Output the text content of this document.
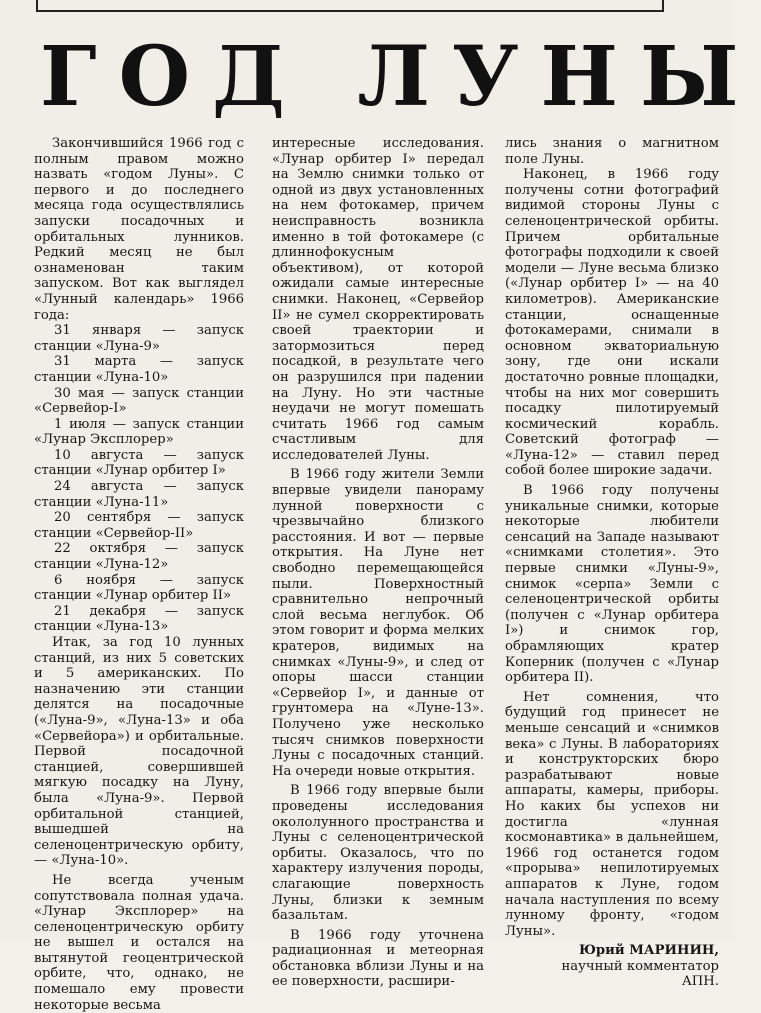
ГОД ЛУНЫ

Закончившийся 1966 год с полным правом можно назвать «годом Луны». С первого и до последнего месяца года осуществлялись запуски посадочных и орбитальных лунников. Редкий месяц не был ознаменован таким запуском. Вот как выглядел «Лунный календарь» 1966 года:

31 января — запуск станции «Луна-9»

31 марта — запуск станции «Луна-10»

30 мая — запуск станции «Сервейор-I»

1 июля — запуск станции «Лунар Эксплорер»

10 августа — запуск станции «Лунар орбитер I»

24 августа — запуск станции «Луна-11»

20 сентября — запуск станции «Сервейор-II»

22 октября — запуск станции «Луна-12»

6 ноября — запуск станции «Лунар орбитер II»

21 декабря — запуск станции «Луна-13»

Итак, за год 10 лунных станций, из них 5 советских и 5 американских. По назначению эти станции делятся на посадочные («Луна-9», «Луна-13» и оба «Сервейора») и орбитальные. Первой посадочной станцией, совершившей мягкую посадку на Луну, была «Луна-9». Первой орбитальной станцией, вышедшей на селеноцентрическую орбиту, — «Луна-10».

Не всегда ученым сопутствовала полная удача. «Лунар Эксплорер» на селеноцентрическую орбиту не вышел и остался на вытянутой геоцентрической орбите, что, однако, не помешало ему провести некоторые весьма

интересные исследования. «Лунар орбитер I» передал на Землю снимки только от одной из двух установленных на нем фотокамер, причем неисправность возникла именно в той фотокамере (с длиннофокусным объективом), от которой ожидали самые интересные снимки. Наконец, «Сервейор II» не сумел скорректировать своей траектории и затормозиться перед посадкой, в результате чего он разрушился при падении на Луну. Но эти частные неудачи не могут помешать считать 1966 год самым счастливым для исследователей Луны.

В 1966 году жители Земли впервые увидели панораму лунной поверхности с чрезвычайно близкого расстояния. И вот — первые открытия. На Луне нет свободно перемещающейся пыли. Поверхностный сравнительно непрочный слой весьма неглубок. Об этом говорит и форма мелких кратеров, видимых на снимках «Луны-9», и след от опоры шасси станции «Сервейор I», и данные от грунтомера на «Луне-13». Получено уже несколько тысяч снимков поверхности Луны с посадочных станций. На очереди новые открытия.

В 1966 году впервые были проведены исследования окололунного пространства и Луны с селеноцентрической орбиты. Оказалось, что по характеру излучения породы, слагающие поверхность Луны, близки к земным базальтам.

В 1966 году уточнена радиационная и метеорная обстановка вблизи Луны и на ее поверхности, расшири-

лись знания о магнитном поле Луны.

Наконец, в 1966 году получены сотни фотографий видимой стороны Луны с селеноцентрической орбиты. Причем орбитальные фотографы подходили к своей модели — Луне весьма близко («Лунар орбитер I» — на 40 километров). Американские станции, оснащенные фотокамерами, снимали в основном экваториальную зону, где они искали достаточно ровные площадки, чтобы на них мог совершить посадку пилотируемый космический корабль. Советский фотограф — «Луна-12» — ставил перед собой более широкие задачи.

В 1966 году получены уникальные снимки, которые некоторые любители сенсаций на Западе называют «снимками столетия». Это первые снимки «Луны-9», снимок «серпа» Земли с селеноцентрической орбиты (получен с «Лунар орбитера I») и снимок гор, обрамляющих кратер Коперник (получен с «Лунар орбитера II).

Нет сомнения, что будущий год принесет не меньше сенсаций и «снимков века» с Луны. В лабораториях и конструкторских бюро разрабатывают новые аппараты, камеры, приборы. Но каких бы успехов ни достигла «лунная космонавтика» в дальнейшем, 1966 год останется годом «прорыва» непилотируемых аппаратов к Луне, годом начала наступления по всему лунному фронту, «годом Луны».

Юрий МАРИНИН,
научный комментатор
АПН.
